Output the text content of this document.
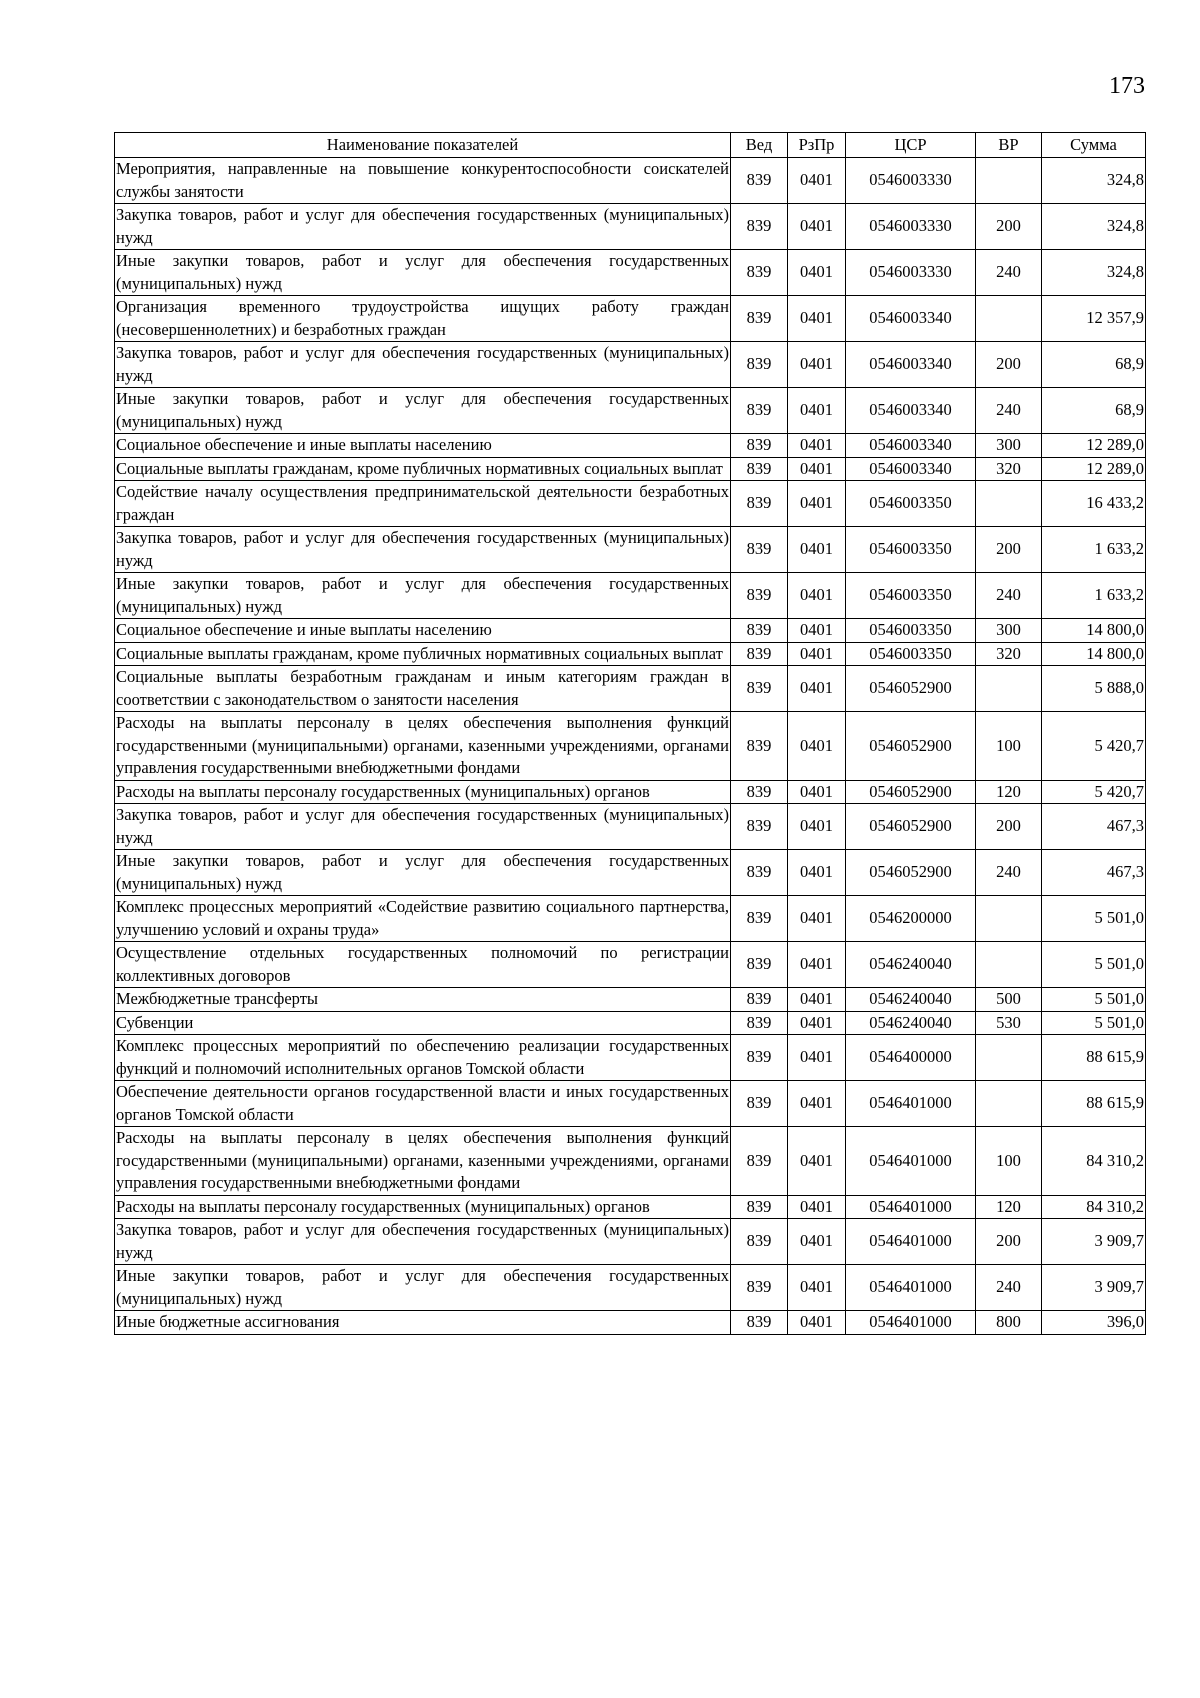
173
Наименование показателей	Вед	РзПр	ЦСР	ВР	Сумма
Мероприятия, направленные на повышение конкурентоспособности соискателей службы занятости	839	0401	0546003330		324,8
Закупка товаров, работ и услуг для обеспечения государственных (муниципальных) нужд	839	0401	0546003330	200	324,8
Иные закупки товаров, работ и услуг для обеспечения государственных (муниципальных) нужд	839	0401	0546003330	240	324,8
Организация временного трудоустройства ищущих работу граждан (несовершеннолетних) и безработных граждан	839	0401	0546003340		12 357,9
Закупка товаров, работ и услуг для обеспечения государственных (муниципальных) нужд	839	0401	0546003340	200	68,9
Иные закупки товаров, работ и услуг для обеспечения государственных (муниципальных) нужд	839	0401	0546003340	240	68,9
Социальное обеспечение и иные выплаты населению	839	0401	0546003340	300	12 289,0
Социальные выплаты гражданам, кроме публичных нормативных социальных выплат	839	0401	0546003340	320	12 289,0
Содействие началу осуществления предпринимательской деятельности безработных граждан	839	0401	0546003350		16 433,2
Закупка товаров, работ и услуг для обеспечения государственных (муниципальных) нужд	839	0401	0546003350	200	1 633,2
Иные закупки товаров, работ и услуг для обеспечения государственных (муниципальных) нужд	839	0401	0546003350	240	1 633,2
Социальное обеспечение и иные выплаты населению	839	0401	0546003350	300	14 800,0
Социальные выплаты гражданам, кроме публичных нормативных социальных выплат	839	0401	0546003350	320	14 800,0
Социальные выплаты безработным гражданам и иным категориям граждан в соответствии с законодательством о занятости населения	839	0401	0546052900		5 888,0
Расходы на выплаты персоналу в целях обеспечения выполнения функций государственными (муниципальными) органами, казенными учреждениями, органами управления государственными внебюджетными фондами	839	0401	0546052900	100	5 420,7
Расходы на выплаты персоналу государственных (муниципальных) органов	839	0401	0546052900	120	5 420,7
Закупка товаров, работ и услуг для обеспечения государственных (муниципальных) нужд	839	0401	0546052900	200	467,3
Иные закупки товаров, работ и услуг для обеспечения государственных (муниципальных) нужд	839	0401	0546052900	240	467,3
Комплекс процессных мероприятий «Содействие развитию социального партнерства, улучшению условий и охраны труда»	839	0401	0546200000		5 501,0
Осуществление отдельных государственных полномочий по регистрации коллективных договоров	839	0401	0546240040		5 501,0
Межбюджетные трансферты	839	0401	0546240040	500	5 501,0
Субвенции	839	0401	0546240040	530	5 501,0
Комплекс процессных мероприятий по обеспечению реализации государственных функций и полномочий исполнительных органов Томской области	839	0401	0546400000		88 615,9
Обеспечение деятельности органов государственной власти и иных государственных органов Томской области	839	0401	0546401000		88 615,9
Расходы на выплаты персоналу в целях обеспечения выполнения функций государственными (муниципальными) органами, казенными учреждениями, органами управления государственными внебюджетными фондами	839	0401	0546401000	100	84 310,2
Расходы на выплаты персоналу государственных (муниципальных) органов	839	0401	0546401000	120	84 310,2
Закупка товаров, работ и услуг для обеспечения государственных (муниципальных) нужд	839	0401	0546401000	200	3 909,7
Иные закупки товаров, работ и услуг для обеспечения государственных (муниципальных) нужд	839	0401	0546401000	240	3 909,7
Иные бюджетные ассигнования	839	0401	0546401000	800	396,0
